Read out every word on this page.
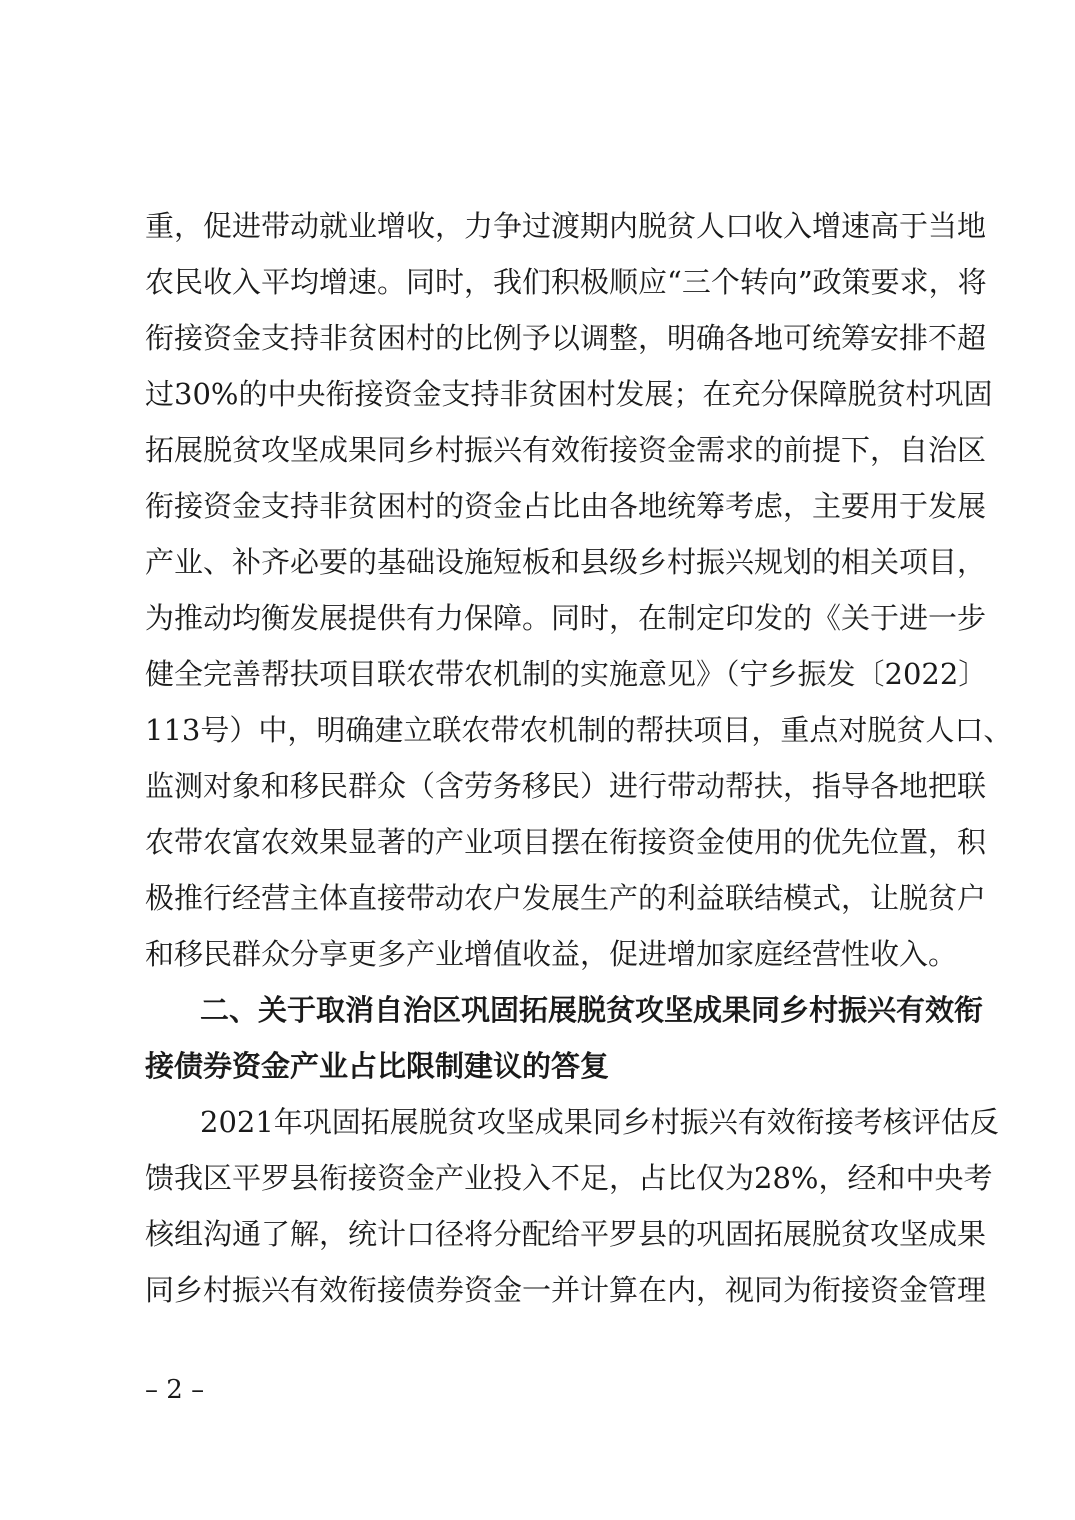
重，促进带动就业增收，力争过渡期内脱贫人口收入增速高于当地
农民收入平均增速。同时，我们积极顺应“三个转向”政策要求，将
衔接资金支持非贫困村的比例予以调整，明确各地可统筹安排不超
过30%的中央衔接资金支持非贫困村发展；在充分保障脱贫村巩固
拓展脱贫攻坚成果同乡村振兴有效衔接资金需求的前提下，自治区
衔接资金支持非贫困村的资金占比由各地统筹考虑，主要用于发展
产业、补齐必要的基础设施短板和县级乡村振兴规划的相关项目，
为推动均衡发展提供有力保障。同时，在制定印发的《关于进一步
健全完善帮扶项目联农带农机制的实施意见》（宁乡振发〔2022〕
113号）中，明确建立联农带农机制的帮扶项目，重点对脱贫人口、
监测对象和移民群众（含劳务移民）进行带动帮扶，指导各地把联
农带农富农效果显著的产业项目摆在衔接资金使用的优先位置，积
极推行经营主体直接带动农户发展生产的利益联结模式，让脱贫户
和移民群众分享更多产业增值收益，促进增加家庭经营性收入。
二、关于取消自治区巩固拓展脱贫攻坚成果同乡村振兴有效衔
接债券资金产业占比限制建议的答复
2021年巩固拓展脱贫攻坚成果同乡村振兴有效衔接考核评估反
馈我区平罗县衔接资金产业投入不足，占比仅为28%，经和中央考
核组沟通了解，统计口径将分配给平罗县的巩固拓展脱贫攻坚成果
同乡村振兴有效衔接债券资金一并计算在内，视同为衔接资金管理
– 2 –
